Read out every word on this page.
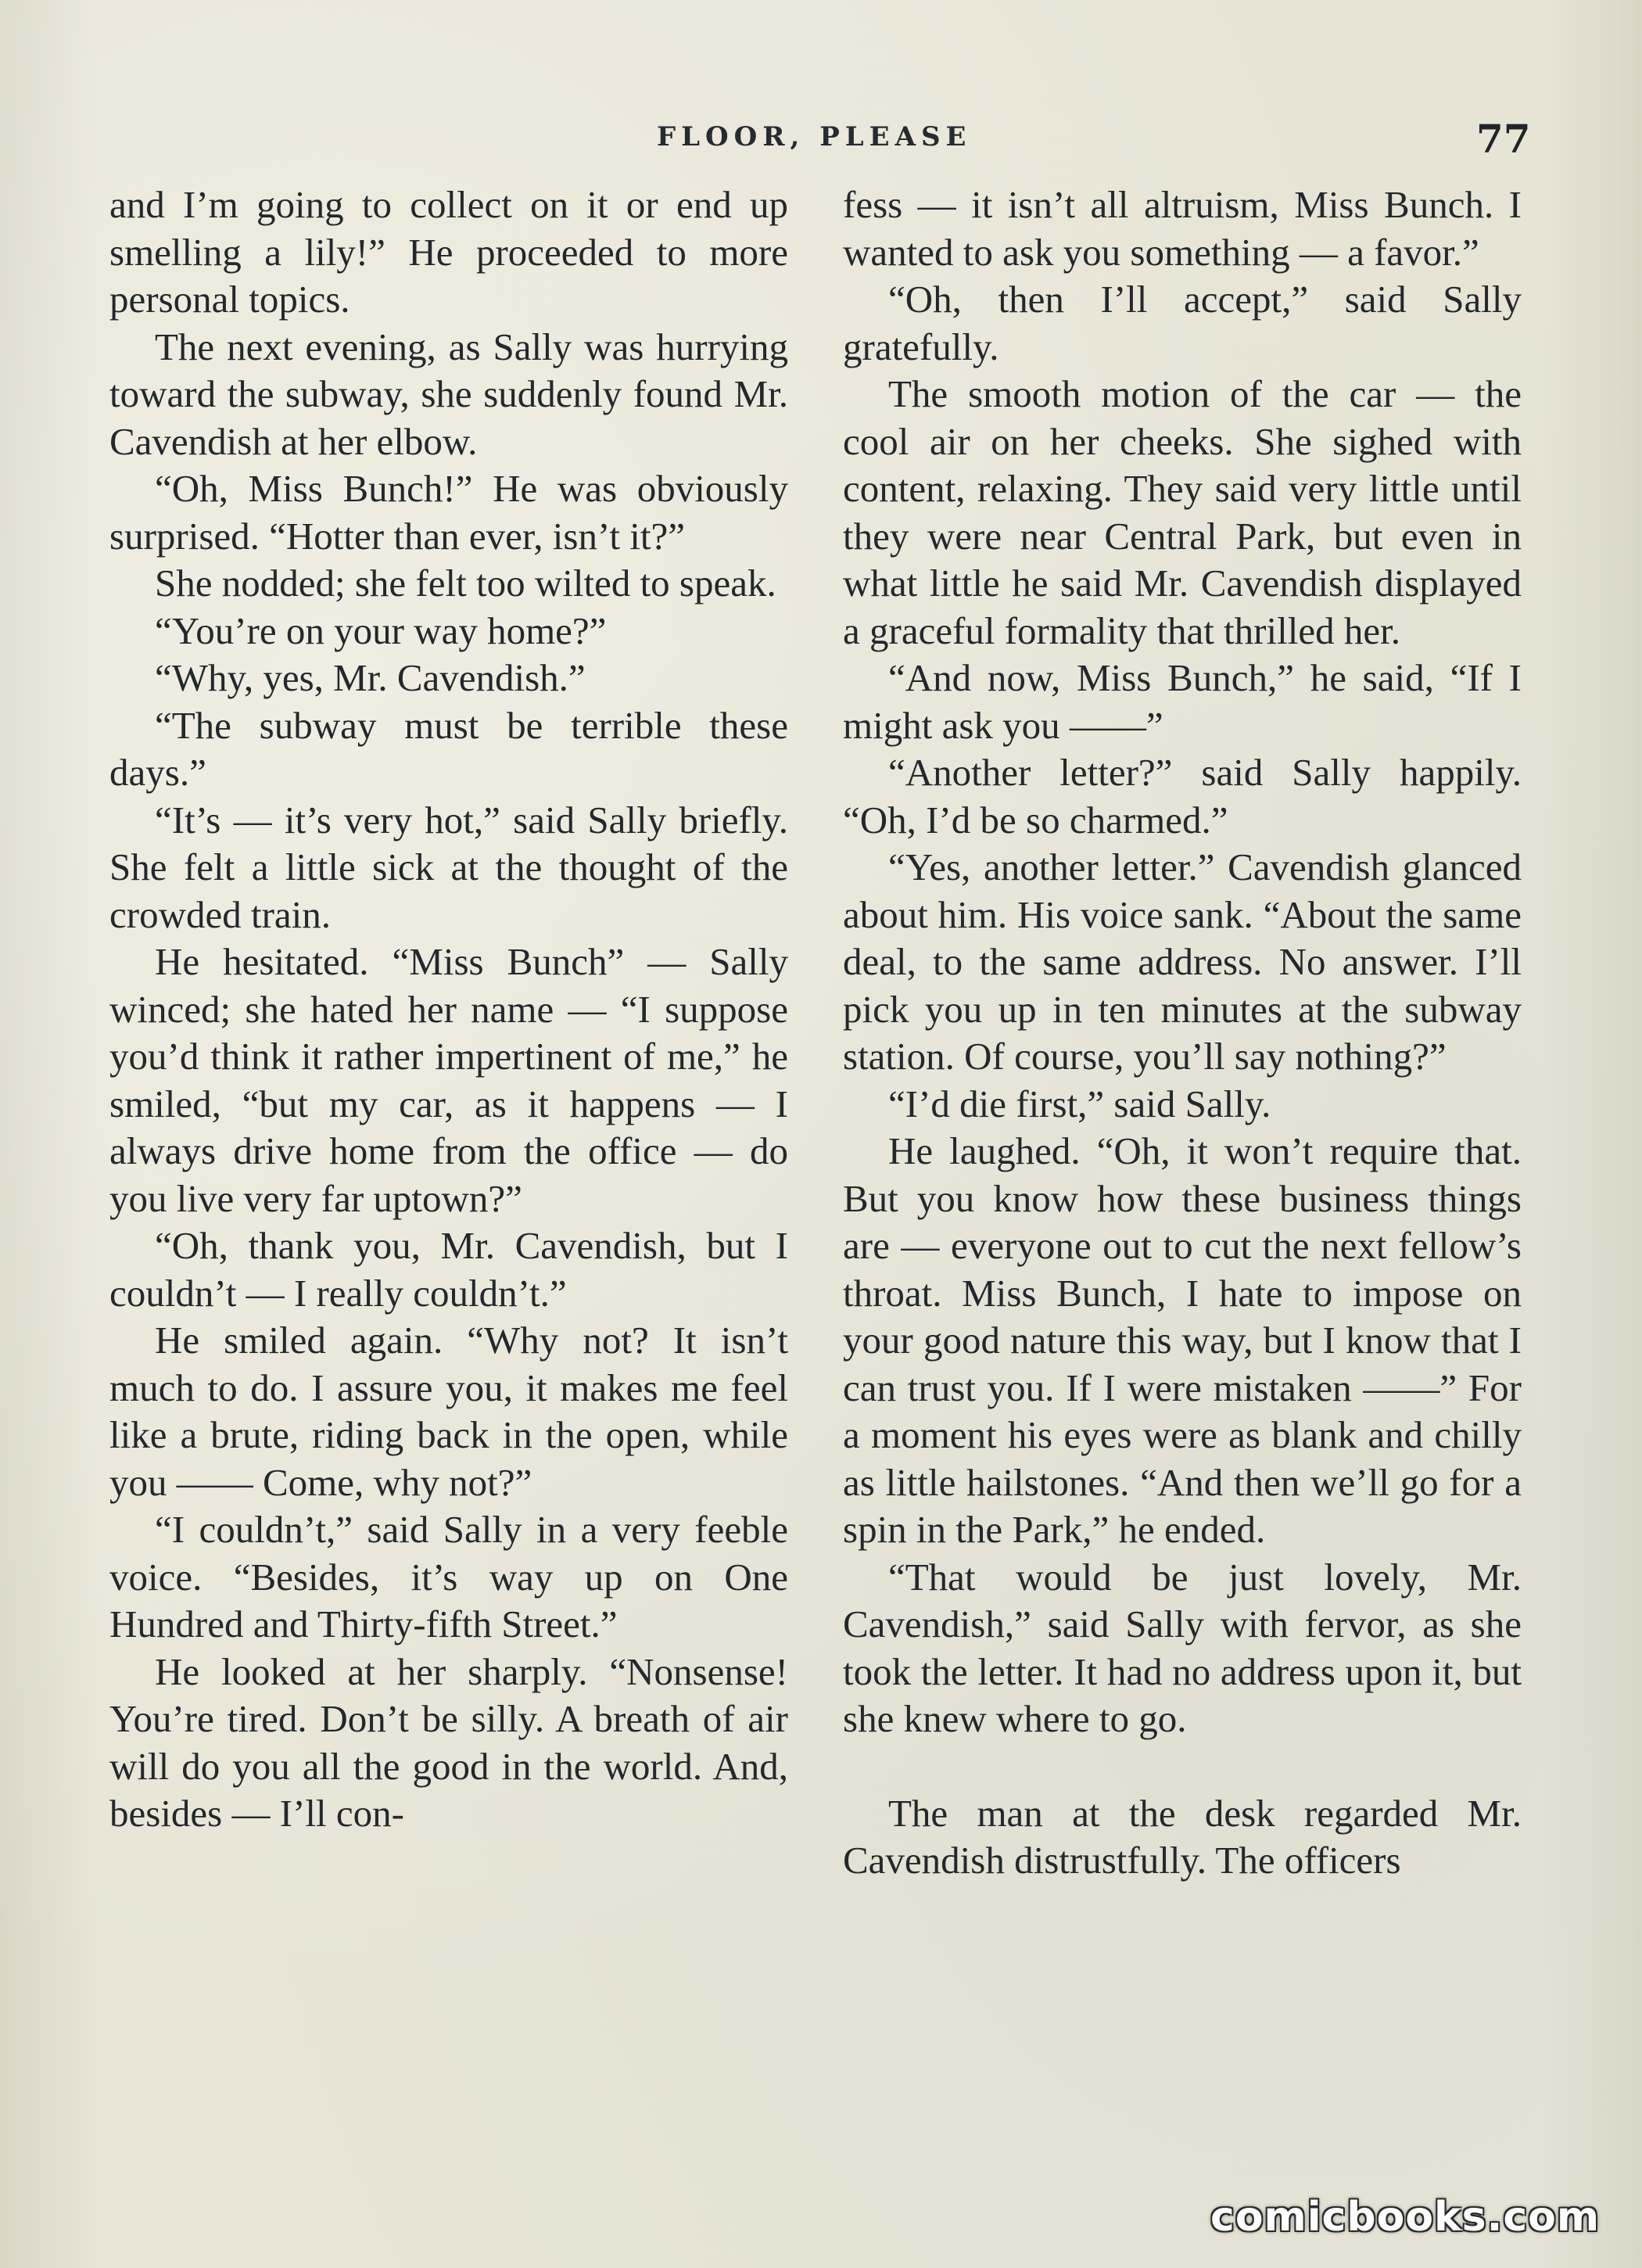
FLOOR, PLEASE	77

and I’m going to collect on it or end up smelling a lily!” He proceeded to more personal topics.

The next evening, as Sally was hurrying toward the subway, she suddenly found Mr. Cavendish at her elbow.

“Oh, Miss Bunch!” He was obviously surprised. “Hotter than ever, isn’t it?”

She nodded; she felt too wilted to speak.

“You’re on your way home?”

“Why, yes, Mr. Cavendish.”

“The subway must be terrible these days.”

“It’s — it’s very hot,” said Sally briefly. She felt a little sick at the thought of the crowded train.

He hesitated. “Miss Bunch” — Sally winced; she hated her name — “I suppose you’d think it rather impertinent of me,” he smiled, “but my car, as it happens — I always drive home from the office — do you live very far uptown?”

“Oh, thank you, Mr. Cavendish, but I couldn’t — I really couldn’t.”

He smiled again. “Why not? It isn’t much to do. I assure you, it makes me feel like a brute, riding back in the open, while you —— Come, why not?”

“I couldn’t,” said Sally in a very feeble voice. “Besides, it’s way up on One Hundred and Thirty-fifth Street.”

He looked at her sharply. “Nonsense! You’re tired. Don’t be silly. A breath of air will do you all the good in the world. And, besides — I’ll con-

fess — it isn’t all altruism, Miss Bunch. I wanted to ask you something — a favor.”

“Oh, then I’ll accept,” said Sally gratefully.

The smooth motion of the car — the cool air on her cheeks. She sighed with content, relaxing. They said very little until they were near Central Park, but even in what little he said Mr. Cavendish displayed a graceful formality that thrilled her.

“And now, Miss Bunch,” he said, “If I might ask you ——”

“Another letter?” said Sally happily. “Oh, I’d be so charmed.”

“Yes, another letter.” Cavendish glanced about him. His voice sank. “About the same deal, to the same address. No answer. I’ll pick you up in ten minutes at the subway station. Of course, you’ll say nothing?”

“I’d die first,” said Sally.

He laughed. “Oh, it won’t require that. But you know how these business things are — everyone out to cut the next fellow’s throat. Miss Bunch, I hate to impose on your good nature this way, but I know that I can trust you. If I were mistaken ——” For a moment his eyes were as blank and chilly as little hailstones. “And then we’ll go for a spin in the Park,” he ended.

“That would be just lovely, Mr. Cavendish,” said Sally with fervor, as she took the letter. It had no address upon it, but she knew where to go.

The man at the desk regarded Mr. Cavendish distrustfully. The officers

comicbooks.com
